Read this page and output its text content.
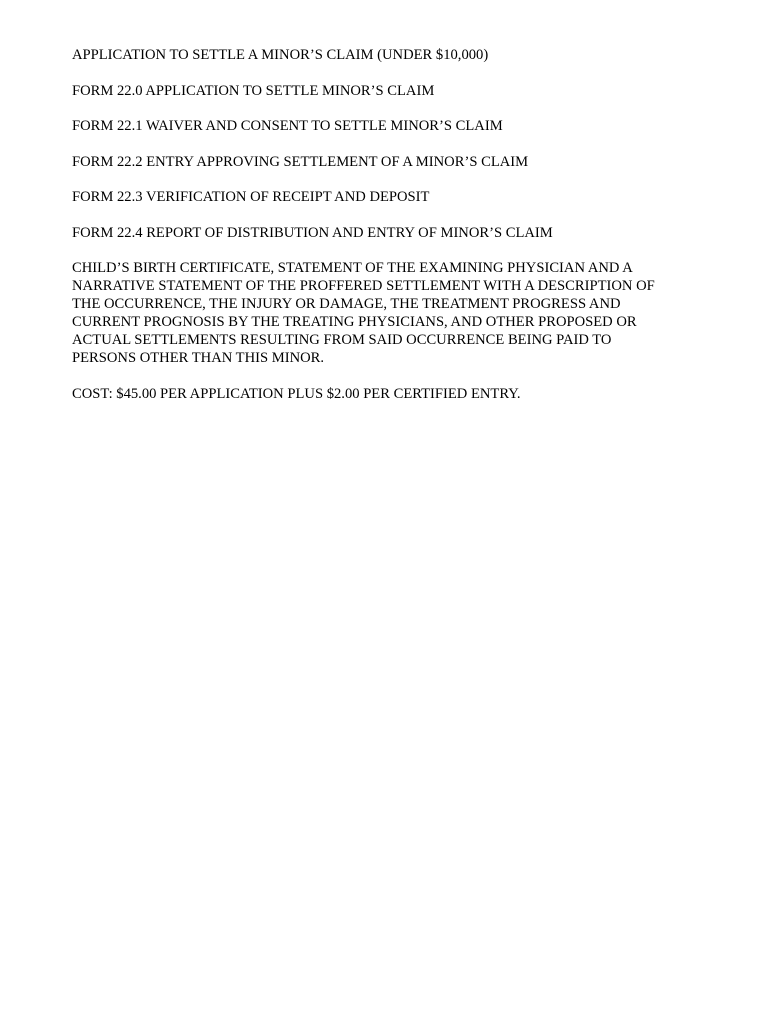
APPLICATION TO SETTLE A MINOR’S CLAIM (UNDER $10,000)
FORM 22.0 APPLICATION TO SETTLE MINOR’S CLAIM
FORM 22.1 WAIVER AND CONSENT TO SETTLE MINOR’S CLAIM
FORM 22.2 ENTRY APPROVING SETTLEMENT OF A MINOR’S CLAIM
FORM 22.3 VERIFICATION OF RECEIPT AND DEPOSIT
FORM 22.4 REPORT OF DISTRIBUTION AND ENTRY OF MINOR’S CLAIM
CHILD’S BIRTH CERTIFICATE, STATEMENT OF THE EXAMINING PHYSICIAN AND A
NARRATIVE STATEMENT OF THE PROFFERED SETTLEMENT WITH A DESCRIPTION OF
THE OCCURRENCE, THE INJURY OR DAMAGE, THE TREATMENT PROGRESS AND
CURRENT PROGNOSIS BY THE TREATING PHYSICIANS, AND OTHER PROPOSED OR
ACTUAL SETTLEMENTS RESULTING FROM SAID OCCURRENCE BEING PAID TO
PERSONS OTHER THAN THIS MINOR.
COST: $45.00 PER APPLICATION PLUS $2.00 PER CERTIFIED ENTRY.
